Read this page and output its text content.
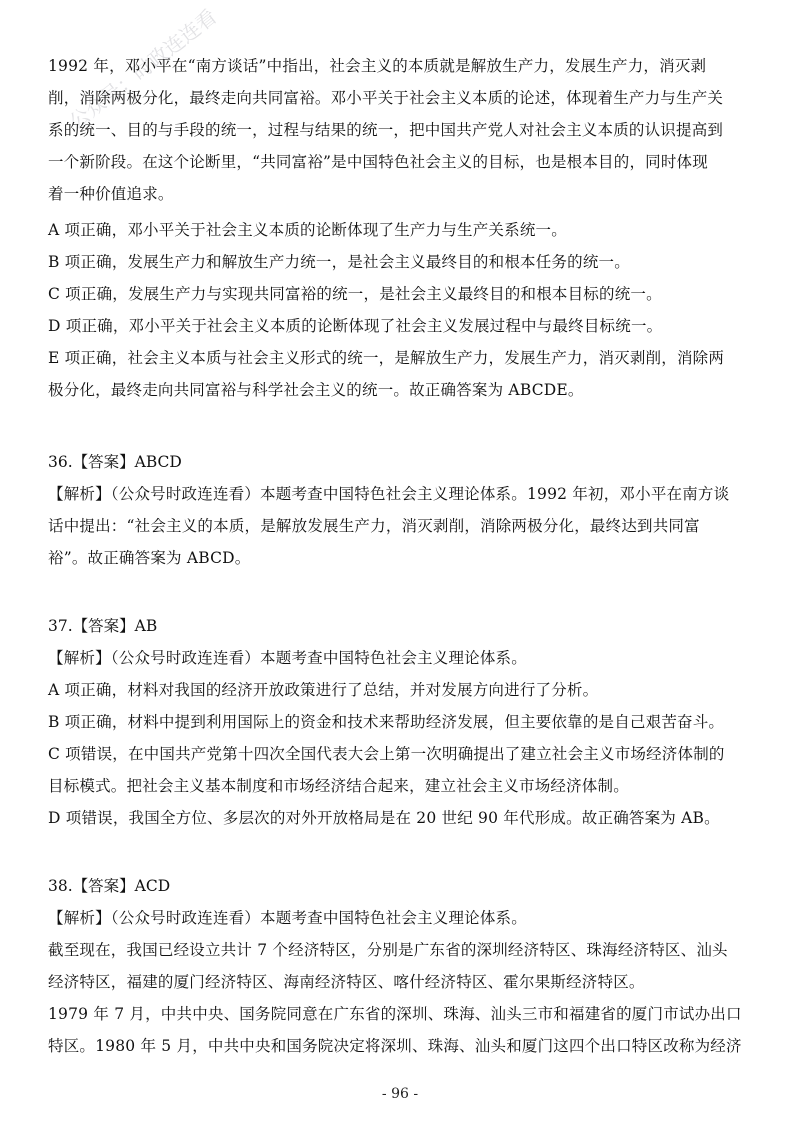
公众号：时政连连看
1992 年，邓小平在“南方谈话”中指出，社会主义的本质就是解放生产力，发展生产力，消灭剥
削，消除两极分化，最终走向共同富裕。邓小平关于社会主义本质的论述，体现着生产力与生产关
系的统一、目的与手段的统一，过程与结果的统一，把中国共产党人对社会主义本质的认识提高到
一个新阶段。在这个论断里，“共同富裕”是中国特色社会主义的目标，也是根本目的，同时体现
着一种价值追求。
A 项正确，邓小平关于社会主义本质的论断体现了生产力与生产关系统一。
B 项正确，发展生产力和解放生产力统一，是社会主义最终目的和根本任务的统一。
C 项正确，发展生产力与实现共同富裕的统一，是社会主义最终目的和根本目标的统一。
D 项正确，邓小平关于社会主义本质的论断体现了社会主义发展过程中与最终目标统一。
E 项正确，社会主义本质与社会主义形式的统一，是解放生产力，发展生产力，消灭剥削，消除两
极分化，最终走向共同富裕与科学社会主义的统一。故正确答案为 ABCDE。
36.【答案】ABCD
【解析】（公众号时政连连看）本题考查中国特色社会主义理论体系。1992 年初，邓小平在南方谈
话中提出：“社会主义的本质，是解放发展生产力，消灭剥削，消除两极分化，最终达到共同富
裕”。故正确答案为 ABCD。
37.【答案】AB
【解析】（公众号时政连连看）本题考查中国特色社会主义理论体系。
A 项正确，材料对我国的经济开放政策进行了总结，并对发展方向进行了分析。
B 项正确，材料中提到利用国际上的资金和技术来帮助经济发展，但主要依靠的是自己艰苦奋斗。
C 项错误，在中国共产党第十四次全国代表大会上第一次明确提出了建立社会主义市场经济体制的
目标模式。把社会主义基本制度和市场经济结合起来，建立社会主义市场经济体制。
D 项错误，我国全方位、多层次的对外开放格局是在 20 世纪 90 年代形成。故正确答案为 AB。
38.【答案】ACD
【解析】（公众号时政连连看）本题考查中国特色社会主义理论体系。
截至现在，我国已经设立共计 7 个经济特区，分别是广东省的深圳经济特区、珠海经济特区、汕头
经济特区，福建的厦门经济特区、海南经济特区、喀什经济特区、霍尔果斯经济特区。
1979 年 7 月，中共中央、国务院同意在广东省的深圳、珠海、汕头三市和福建省的厦门市试办出口
特区。1980 年 5 月，中共中央和国务院决定将深圳、珠海、汕头和厦门这四个出口特区改称为经济
- 96 -
